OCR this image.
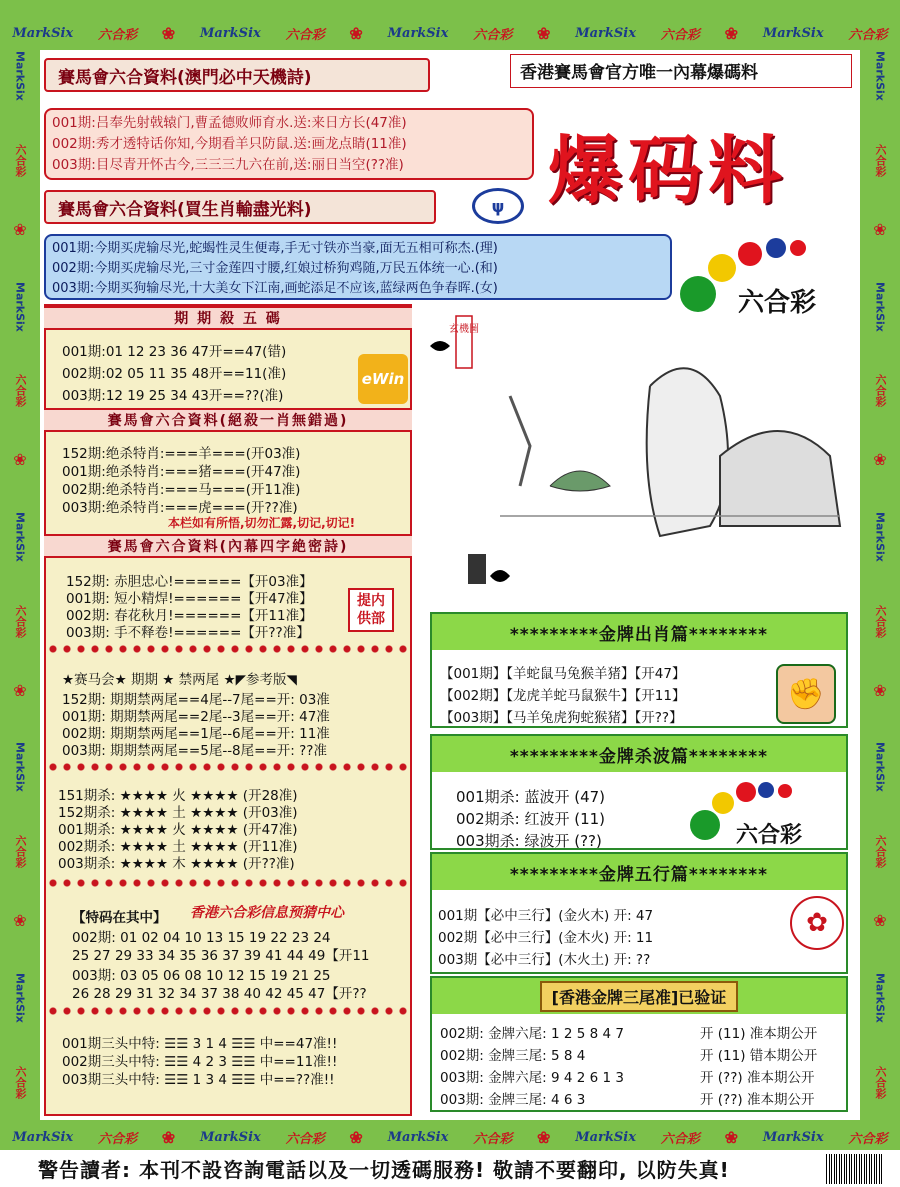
MarkSix 六合彩 ❀ MarkSix 六合彩 ❀ MarkSix 六合彩 ❀ MarkSix 六合彩 ❀ MarkSix 六合彩
MarkSix 六合彩 ❀ MarkSix 六合彩 ❀ MarkSix 六合彩 ❀ MarkSix 六合彩 ❀ MarkSix 六合彩
MarkSix
六合彩
❀
MarkSix
六合彩
❀
MarkSix
六合彩
❀
MarkSix
六合彩
❀
MarkSix
六合彩
MarkSix
六合彩
❀
MarkSix
六合彩
❀
MarkSix
六合彩
❀
MarkSix
六合彩
❀
MarkSix
六合彩
賽馬會六合資料(澳門必中天機詩)	香港賽馬會官方唯一內幕爆碼料
賽馬會六合資料(買生肖輸盡光料)
001期:吕奉先射戟辕门,曹孟德败师育水.送:来日方长(47准)
002期:秀才透特话你知,今期看羊只防鼠.送:画龙点睛(11准)
003期:目尽青开怀古今,三三三九六在前,送:丽日当空(??准)	爆码料
ψ
001期:今期买虎输尽光,蛇蝎性灵生便毒,手无寸铁亦当豪,面无五相可称杰.(理)
002期:今期买虎输尽光,三寸金莲四寸腰,红娘过桥狗鸡随,万民五体统一心.(和)
003期:今期买狗输尽光,十大美女下江南,画蛇添足不应该,蓝绿两色争春晖.(女)	六合彩
期 期 殺 五 碼
001期:01 12 23 36 47开==47(错)
002期:02 05 11 35 48开==11(准)
003期:12 19 25 34 43开==??(准)
eWin
賽馬會六合資料(絕殺一肖無錯過)
152期:绝杀特肖:===羊===(开03准)
001期:绝杀特肖:===猪===(开47准)
002期:绝杀特肖:===马===(开11准)
003期:绝杀特肖:===虎===(开??准)
本栏如有所悟,切勿汇露,切记,切记!
賽馬會六合資料(內幕四字絶密詩)
152期: 赤胆忠心!======【开03准】
001期: 短小精焊!======【开47准】
002期: 春花秋月!======【开11准】
003期: 手不释卷!======【开??准】
提内
供部
★赛马会★ 期期 ★ 禁两尾 ★◤参考版◥
152期: 期期禁两尾==4尾--7尾==开: 03准
001期: 期期禁两尾==2尾--3尾==开: 47准
002期: 期期禁两尾==1尾--6尾==开: 11准
003期: 期期禁两尾==5尾--8尾==开: ??准
151期杀: ★★★★ 火 ★★★★ (开28准)
152期杀: ★★★★ 土 ★★★★ (开03准)
001期杀: ★★★★ 火 ★★★★ (开47准)
002期杀: ★★★★ 土 ★★★★ (开11准)
003期杀: ★★★★ 木 ★★★★ (开??准)
【特码在其中】 香港六合彩信息预猜中心
002期: 01 02 04 10 13 15 19 22 23 24
25 27 29 33 34 35 36 37 39 41 44 49【开11
003期: 03 05 06 08 10 12 15 19 21 25
26 28 29 31 32 34 37 38 40 42 45 47【开??
001期三头中特: ☰☰ 3 1 4 ☰☰ 中==47准!!
002期三头中特: ☰☰ 4 2 3 ☰☰ 中==11准!!
003期三头中特: ☰☰ 1 3 4 ☰☰ 中==??准!!
玄機圖
*********金牌出肖篇********
【001期】【羊蛇鼠马兔猴羊猪】【开47】
【002期】【龙虎羊蛇马鼠猴牛】【开11】
【003期】【马羊兔虎狗蛇猴猪】【开??】
✊
*********金牌杀波篇********
001期杀: 蓝波开 (47)
002期杀: 红波开 (11)
003期杀: 绿波开 (??)	六合彩
*********金牌五行篇********
001期【必中三行】(金火木) 开: 47
002期【必中三行】(金木火) 开: 11
003期【必中三行】(木火土) 开: ??
✿
[香港金牌三尾准]已验证
002期: 金牌六尾: 1 2 5 8 4 7	开 (11) 准本期公开
002期: 金牌三尾: 5 8 4	开 (11) 错本期公开
003期: 金牌六尾: 9 4 2 6 1 3	开 (??) 准本期公开
003期: 金牌三尾: 4 6 3	开 (??) 准本期公开
警告讀者: 本刊不設咨詢電話以及一切透碼服務! 敬請不要翻印, 以防失真!
